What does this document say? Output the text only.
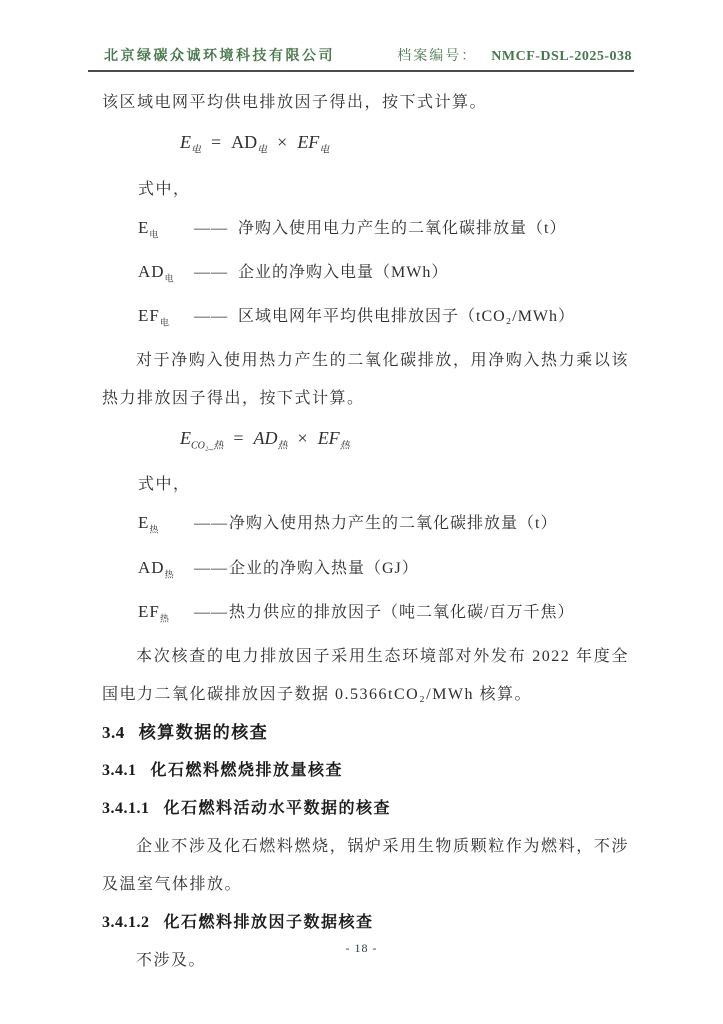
北京绿碳众诚环境科技有限公司	档案编号： NMCF-DSL-2025-038

该区域电网平均供电排放因子得出，按下式计算。

$E_电 = AD_电 \times EF_电$
式中，
$E_电$	—— 净购入使用电力产生的二氧化碳排放量（t）
$AD_电$	—— 企业的净购入电量（MWh）
$EF_电$	—— 区域电网年平均供电排放因子（tCO₂/MWh）

对于净购入使用热力产生的二氧化碳排放，用净购入热力乘以该热力排放因子得出，按下式计算。

$E_{CO_2\_热} = AD_热 \times EF_热$
式中，
$E_热$	—— 净购入使用热力产生的二氧化碳排放量（t）
$AD_热$	—— 企业的净购入热量（GJ）
$EF_热$	—— 热力供应的排放因子（吨二氧化碳/百万千焦）

本次核查的电力排放因子采用生态环境部对外发布 2022 年度全国电力二氧化碳排放因子数据 0.5366tCO₂/MWh 核算。

3.4 核算数据的核查
3.4.1 化石燃料燃烧排放量核查
3.4.1.1 化石燃料活动水平数据的核查

企业不涉及化石燃料燃烧，锅炉采用生物质颗粒作为燃料，不涉及温室气体排放。

3.4.1.2 化石燃料排放因子数据核查

不涉及。

- 18 -
